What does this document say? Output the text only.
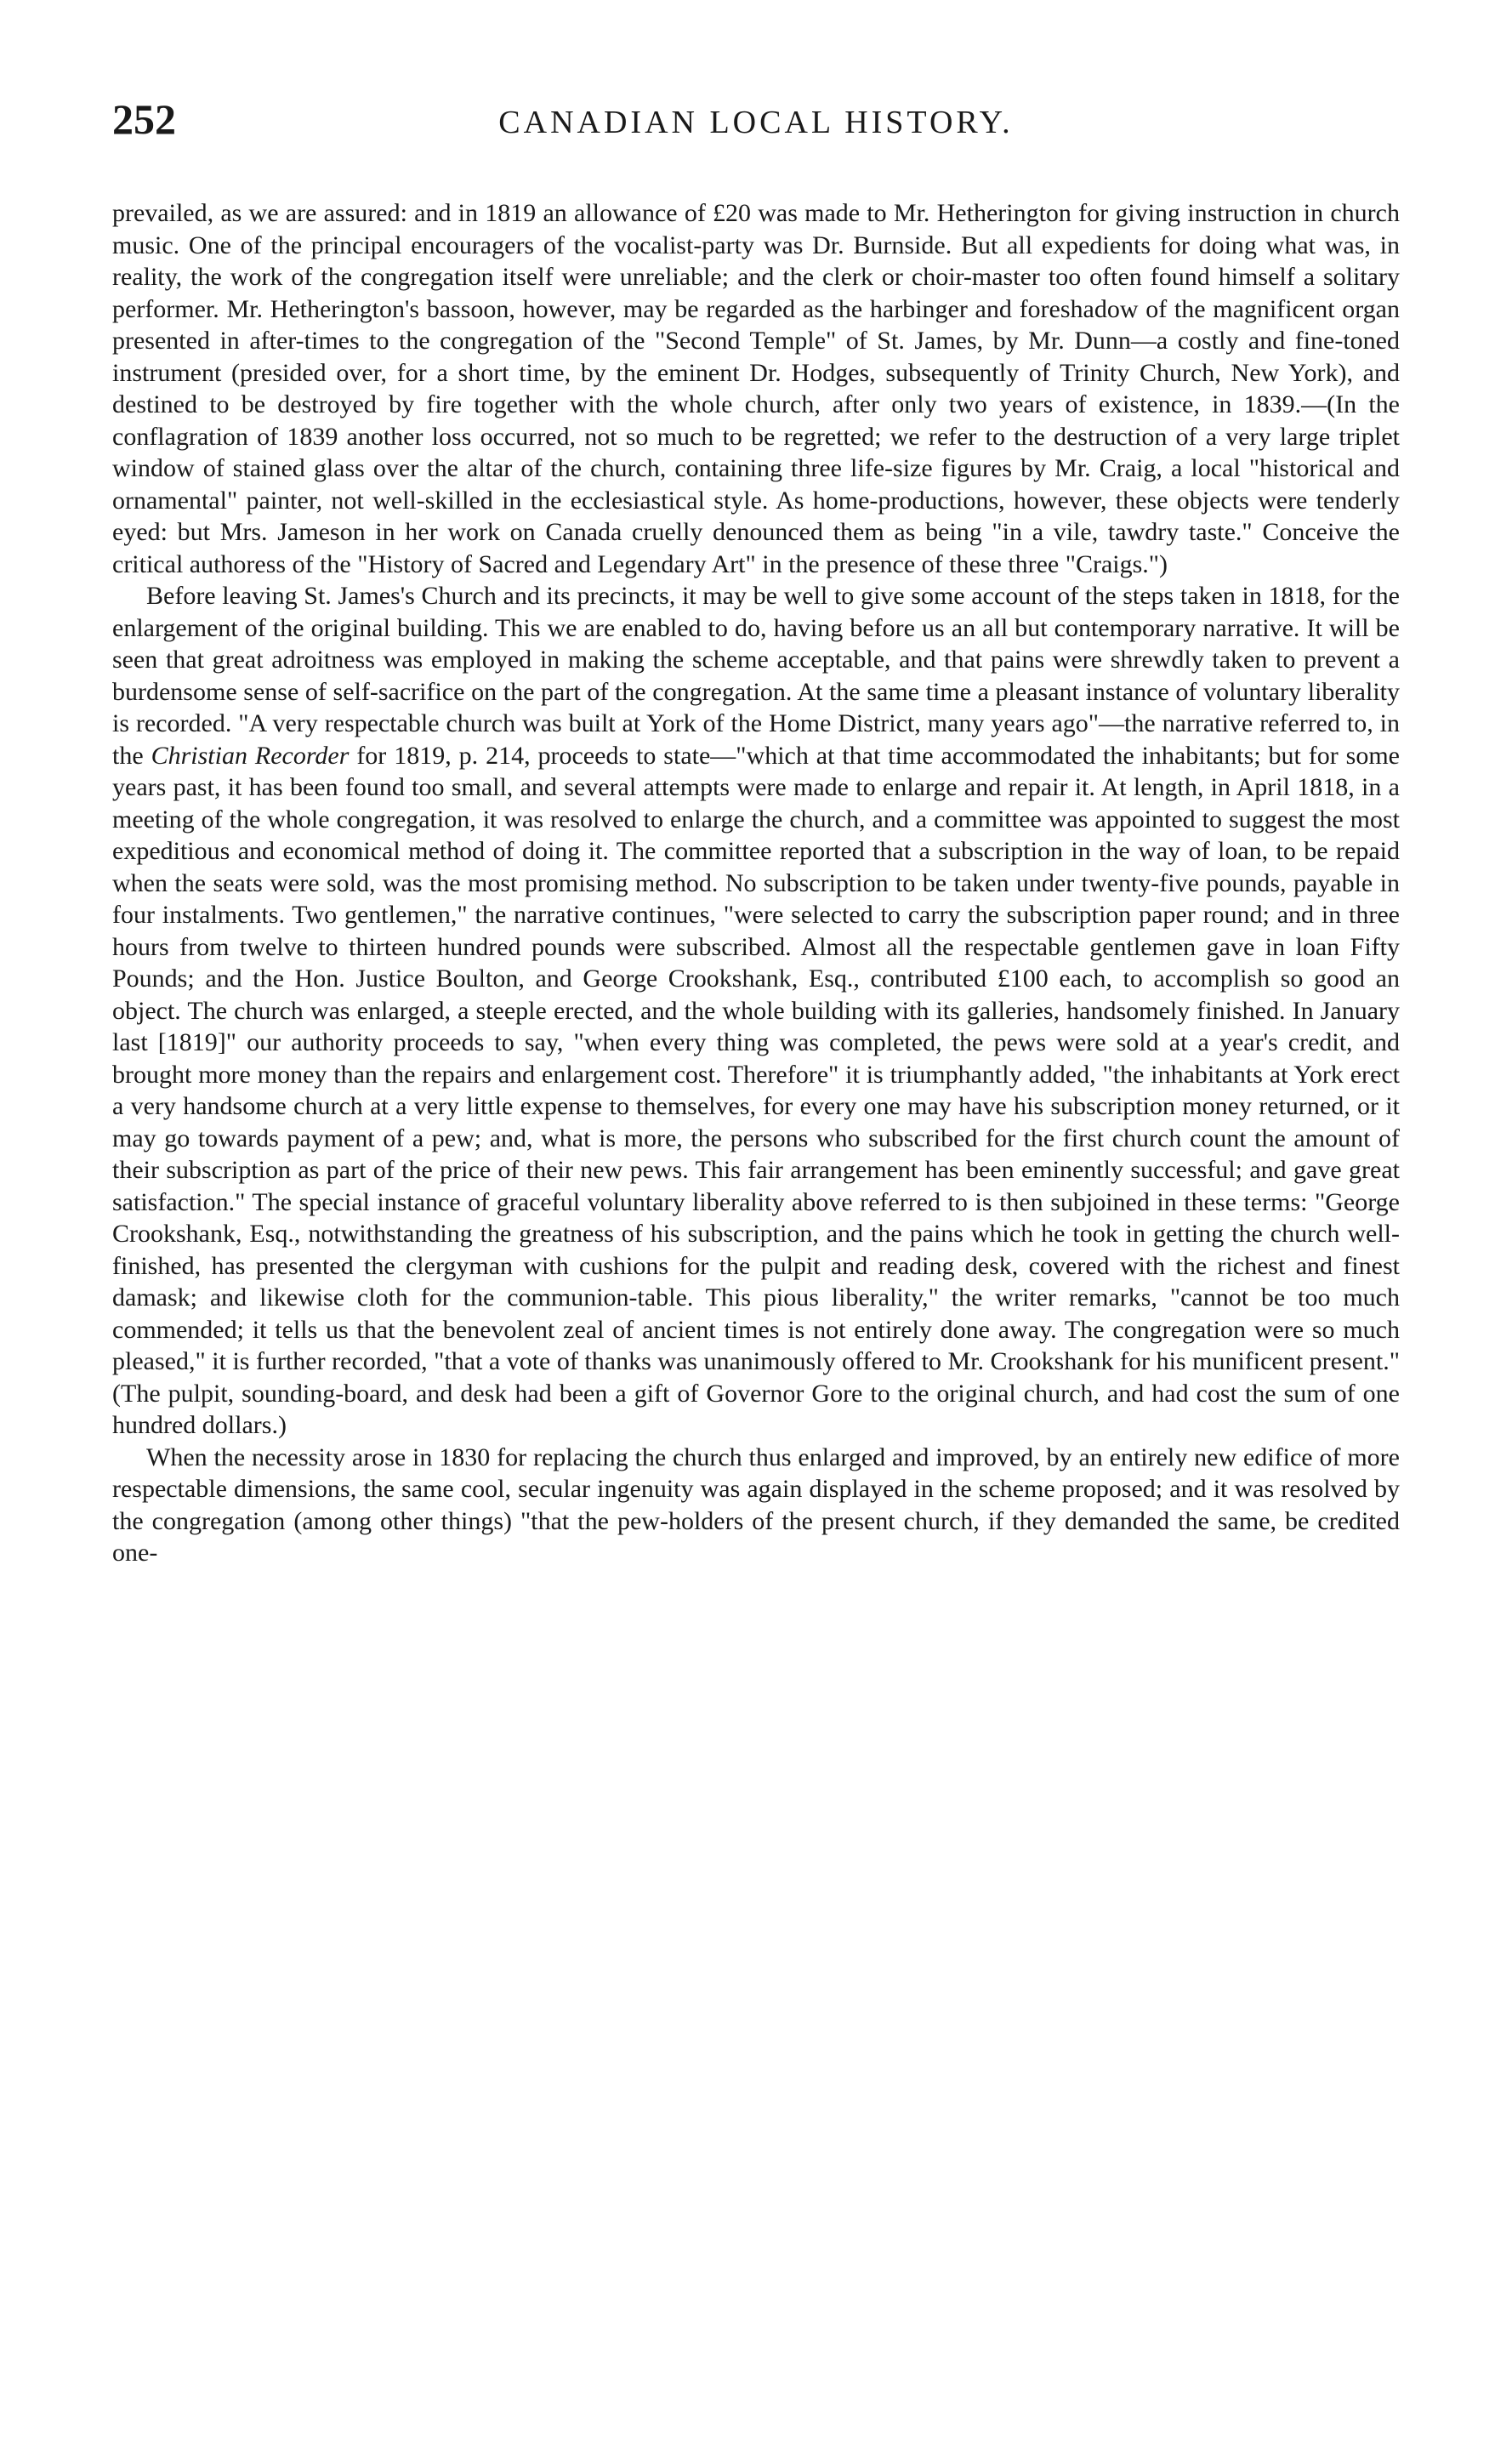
252	CANADIAN LOCAL HISTORY.

prevailed, as we are assured: and in 1819 an allowance of £20 was made to Mr. Hetherington for giving instruction in church music. One of the principal encouragers of the vocalist-party was Dr. Burnside. But all expedients for doing what was, in reality, the work of the congregation itself were unreliable; and the clerk or choir-master too often found himself a solitary performer. Mr. Hetherington's bassoon, however, may be regarded as the harbinger and foreshadow of the magnificent organ presented in after-times to the congregation of the "Second Temple" of St. James, by Mr. Dunn—a costly and fine-toned instrument (presided over, for a short time, by the eminent Dr. Hodges, subsequently of Trinity Church, New York), and destined to be destroyed by fire together with the whole church, after only two years of existence, in 1839.—(In the conflagration of 1839 another loss occurred, not so much to be regretted; we refer to the destruction of a very large triplet window of stained glass over the altar of the church, containing three life-size figures by Mr. Craig, a local "historical and ornamental" painter, not well-skilled in the ecclesiastical style. As home-productions, however, these objects were tenderly eyed: but Mrs. Jameson in her work on Canada cruelly denounced them as being "in a vile, tawdry taste." Conceive the critical authoress of the "History of Sacred and Legendary Art" in the presence of these three "Craigs.")

Before leaving St. James's Church and its precincts, it may be well to give some account of the steps taken in 1818, for the enlargement of the original building. This we are enabled to do, having before us an all but contemporary narrative. It will be seen that great adroitness was employed in making the scheme acceptable, and that pains were shrewdly taken to prevent a burdensome sense of self-sacrifice on the part of the congregation. At the same time a pleasant instance of voluntary liberality is recorded. "A very respectable church was built at York of the Home District, many years ago"—the narrative referred to, in the Christian Recorder for 1819, p. 214, proceeds to state—"which at that time accommodated the inhabitants; but for some years past, it has been found too small, and several attempts were made to enlarge and repair it. At length, in April 1818, in a meeting of the whole congregation, it was resolved to enlarge the church, and a committee was appointed to suggest the most expeditious and economical method of doing it. The committee reported that a subscription in the way of loan, to be repaid when the seats were sold, was the most promising method. No subscription to be taken under twenty-five pounds, payable in four instalments. Two gentlemen," the narrative continues, "were selected to carry the subscription paper round; and in three hours from twelve to thirteen hundred pounds were subscribed. Almost all the respectable gentlemen gave in loan Fifty Pounds; and the Hon. Justice Boulton, and George Crookshank, Esq., contributed £100 each, to accomplish so good an object. The church was enlarged, a steeple erected, and the whole building with its galleries, handsomely finished. In January last [1819]" our authority proceeds to say, "when every thing was completed, the pews were sold at a year's credit, and brought more money than the repairs and enlargement cost. Therefore" it is triumphantly added, "the inhabitants at York erect a very handsome church at a very little expense to themselves, for every one may have his subscription money returned, or it may go towards payment of a pew; and, what is more, the persons who subscribed for the first church count the amount of their subscription as part of the price of their new pews. This fair arrangement has been eminently successful; and gave great satisfaction." The special instance of graceful voluntary liberality above referred to is then subjoined in these terms: "George Crookshank, Esq., notwithstanding the greatness of his subscription, and the pains which he took in getting the church well-finished, has presented the clergyman with cushions for the pulpit and reading desk, covered with the richest and finest damask; and likewise cloth for the communion-table. This pious liberality," the writer remarks, "cannot be too much commended; it tells us that the benevolent zeal of ancient times is not entirely done away. The congregation were so much pleased," it is further recorded, "that a vote of thanks was unanimously offered to Mr. Crookshank for his munificent present." (The pulpit, sounding-board, and desk had been a gift of Governor Gore to the original church, and had cost the sum of one hundred dollars.)

When the necessity arose in 1830 for replacing the church thus enlarged and improved, by an entirely new edifice of more respectable dimensions, the same cool, secular ingenuity was again displayed in the scheme proposed; and it was resolved by the congregation (among other things) "that the pew-holders of the present church, if they demanded the same, be credited one-
